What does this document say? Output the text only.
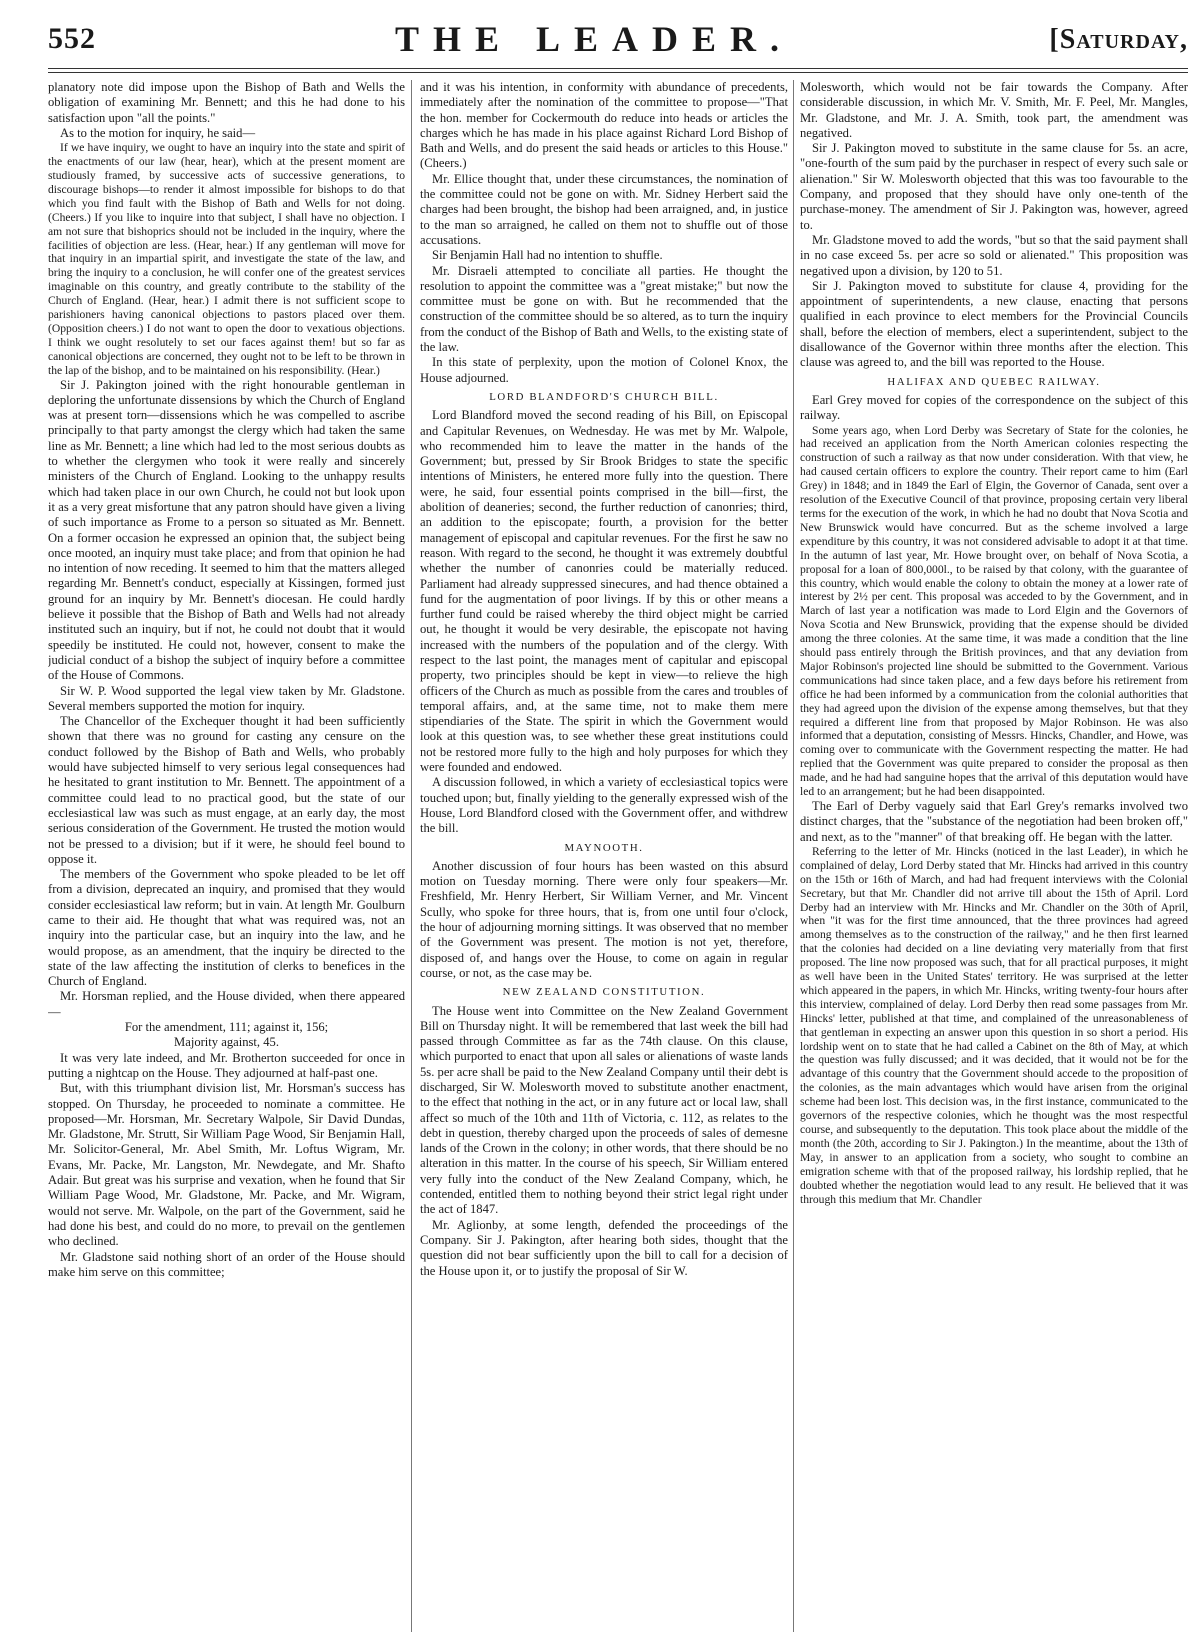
552	THE LEADER.	[Saturday,

planatory note did impose upon the Bishop of Bath and Wells the obligation of examining Mr. Bennett; and this he had done to his satisfaction upon "all the points."

As to the motion for inquiry, he said—

If we have inquiry, we ought to have an inquiry into the state and spirit of the enactments of our law (hear, hear), which at the present moment are studiously framed, by successive acts of successive generations, to discourage bishops—to render it almost impossible for bishops to do that which you find fault with the Bishop of Bath and Wells for not doing. (Cheers.) If you like to inquire into that subject, I shall have no objection. I am not sure that bishoprics should not be included in the inquiry, where the facilities of objection are less. (Hear, hear.) If any gentleman will move for that inquiry in an impartial spirit, and investigate the state of the law, and bring the inquiry to a conclusion, he will confer one of the greatest services imaginable on this country, and greatly contribute to the stability of the Church of England. (Hear, hear.) I admit there is not sufficient scope to parishioners having canonical objections to pastors placed over them. (Opposition cheers.) I do not want to open the door to vexatious objections. I think we ought resolutely to set our faces against them! but so far as canonical objections are concerned, they ought not to be left to be thrown in the lap of the bishop, and to be maintained on his responsibility. (Hear.)

Sir J. Pakington joined with the right honourable gentleman in deploring the unfortunate dissensions by which the Church of England was at present torn—dissensions which he was compelled to ascribe principally to that party amongst the clergy which had taken the same line as Mr. Bennett; a line which had led to the most serious doubts as to whether the clergymen who took it were really and sincerely ministers of the Church of England. Looking to the unhappy results which had taken place in our own Church, he could not but look upon it as a very great misfortune that any patron should have given a living of such importance as Frome to a person so situated as Mr. Bennett. On a former occasion he expressed an opinion that, the subject being once mooted, an inquiry must take place; and from that opinion he had no intention of now receding. It seemed to him that the matters alleged regarding Mr. Bennett's conduct, especially at Kissingen, formed just ground for an inquiry by Mr. Bennett's diocesan. He could hardly believe it possible that the Bishop of Bath and Wells had not already instituted such an inquiry, but if not, he could not doubt that it would speedily be instituted. He could not, however, consent to make the judicial conduct of a bishop the subject of inquiry before a committee of the House of Commons.

Sir W. P. Wood supported the legal view taken by Mr. Gladstone. Several members supported the motion for inquiry.

The Chancellor of the Exchequer thought it had been sufficiently shown that there was no ground for casting any censure on the conduct followed by the Bishop of Bath and Wells, who probably would have subjected himself to very serious legal consequences had he hesitated to grant institution to Mr. Bennett. The appointment of a committee could lead to no practical good, but the state of our ecclesiastical law was such as must engage, at an early day, the most serious consideration of the Government. He trusted the motion would not be pressed to a division; but if it were, he should feel bound to oppose it.

The members of the Government who spoke pleaded to be let off from a division, deprecated an inquiry, and promised that they would consider ecclesiastical law reform; but in vain. At length Mr. Goulburn came to their aid. He thought that what was required was, not an inquiry into the particular case, but an inquiry into the law, and he would propose, as an amendment, that the inquiry be directed to the state of the law affecting the institution of clerks to benefices in the Church of England.

Mr. Horsman replied, and the House divided, when there appeared—

For the amendment, 111; against it, 156;

Majority against, 45.

It was very late indeed, and Mr. Brotherton succeeded for once in putting a nightcap on the House. They adjourned at half-past one.

But, with this triumphant division list, Mr. Horsman's success has stopped. On Thursday, he proceeded to nominate a committee. He proposed—Mr. Horsman, Mr. Secretary Walpole, Sir David Dundas, Mr. Gladstone, Mr. Strutt, Sir William Page Wood, Sir Benjamin Hall, Mr. Solicitor-General, Mr. Abel Smith, Mr. Loftus Wigram, Mr. Evans, Mr. Packe, Mr. Langston, Mr. Newdegate, and Mr. Shafto Adair. But great was his surprise and vexation, when he found that Sir William Page Wood, Mr. Gladstone, Mr. Packe, and Mr. Wigram, would not serve. Mr. Walpole, on the part of the Government, said he had done his best, and could do no more, to prevail on the gentlemen who declined.

Mr. Gladstone said nothing short of an order of the House should make him serve on this committee;

and it was his intention, in conformity with abundance of precedents, immediately after the nomination of the committee to propose—"That the hon. member for Cockermouth do reduce into heads or articles the charges which he has made in his place against Richard Lord Bishop of Bath and Wells, and do present the said heads or articles to this House." (Cheers.)

Mr. Ellice thought that, under these circumstances, the nomination of the committee could not be gone on with. Mr. Sidney Herbert said the charges had been brought, the bishop had been arraigned, and, in justice to the man so arraigned, he called on them not to shuffle out of those accusations.

Sir Benjamin Hall had no intention to shuffle.

Mr. Disraeli attempted to conciliate all parties. He thought the resolution to appoint the committee was a "great mistake;" but now the committee must be gone on with. But he recommended that the construction of the committee should be so altered, as to turn the inquiry from the conduct of the Bishop of Bath and Wells, to the existing state of the law.

In this state of perplexity, upon the motion of Colonel Knox, the House adjourned.

LORD BLANDFORD'S CHURCH BILL.

Lord Blandford moved the second reading of his Bill, on Episcopal and Capitular Revenues, on Wednesday. He was met by Mr. Walpole, who recommended him to leave the matter in the hands of the Government; but, pressed by Sir Brook Bridges to state the specific intentions of Ministers, he entered more fully into the question. There were, he said, four essential points comprised in the bill—first, the abolition of deaneries; second, the further reduction of canonries; third, an addition to the episcopate; fourth, a provision for the better management of episcopal and capitular revenues. For the first he saw no reason. With regard to the second, he thought it was extremely doubtful whether the number of canonries could be materially reduced. Parliament had already suppressed sinecures, and had thence obtained a fund for the augmentation of poor livings. If by this or other means a further fund could be raised whereby the third object might be carried out, he thought it would be very desirable, the episcopate not having increased with the numbers of the population and of the clergy. With respect to the last point, the manages ment of capitular and episcopal property, two principles should be kept in view—to relieve the high officers of the Church as much as possible from the cares and troubles of temporal affairs, and, at the same time, not to make them mere stipendiaries of the State. The spirit in which the Government would look at this question was, to see whether these great institutions could not be restored more fully to the high and holy purposes for which they were founded and endowed.

A discussion followed, in which a variety of ecclesiastical topics were touched upon; but, finally yielding to the generally expressed wish of the House, Lord Blandford closed with the Government offer, and withdrew the bill.

MAYNOOTH.

Another discussion of four hours has been wasted on this absurd motion on Tuesday morning. There were only four speakers—Mr. Freshfield, Mr. Henry Herbert, Sir William Verner, and Mr. Vincent Scully, who spoke for three hours, that is, from one until four o'clock, the hour of adjourning morning sittings. It was observed that no member of the Government was present. The motion is not yet, therefore, disposed of, and hangs over the House, to come on again in regular course, or not, as the case may be.

NEW ZEALAND CONSTITUTION.

The House went into Committee on the New Zealand Government Bill on Thursday night. It will be remembered that last week the bill had passed through Committee as far as the 74th clause. On this clause, which purported to enact that upon all sales or alienations of waste lands 5s. per acre shall be paid to the New Zealand Company until their debt is discharged, Sir W. Molesworth moved to substitute another enactment, to the effect that nothing in the act, or in any future act or local law, shall affect so much of the 10th and 11th of Victoria, c. 112, as relates to the debt in question, thereby charged upon the proceeds of sales of demesne lands of the Crown in the colony; in other words, that there should be no alteration in this matter. In the course of his speech, Sir William entered very fully into the conduct of the New Zealand Company, which, he contended, entitled them to nothing beyond their strict legal right under the act of 1847.

Mr. Aglionby, at some length, defended the proceedings of the Company. Sir J. Pakington, after hearing both sides, thought that the question did not bear sufficiently upon the bill to call for a decision of the House upon it, or to justify the proposal of Sir W.

Molesworth, which would not be fair towards the Company. After considerable discussion, in which Mr. V. Smith, Mr. F. Peel, Mr. Mangles, Mr. Gladstone, and Mr. J. A. Smith, took part, the amendment was negatived.

Sir J. Pakington moved to substitute in the same clause for 5s. an acre, "one-fourth of the sum paid by the purchaser in respect of every such sale or alienation." Sir W. Molesworth objected that this was too favourable to the Company, and proposed that they should have only one-tenth of the purchase-money. The amendment of Sir J. Pakington was, however, agreed to.

Mr. Gladstone moved to add the words, "but so that the said payment shall in no case exceed 5s. per acre so sold or alienated." This proposition was negatived upon a division, by 120 to 51.

Sir J. Pakington moved to substitute for clause 4, providing for the appointment of superintendents, a new clause, enacting that persons qualified in each province to elect members for the Provincial Councils shall, before the election of members, elect a superintendent, subject to the disallowance of the Governor within three months after the election. This clause was agreed to, and the bill was reported to the House.

HALIFAX AND QUEBEC RAILWAY.

Earl Grey moved for copies of the correspondence on the subject of this railway.

Some years ago, when Lord Derby was Secretary of State for the colonies, he had received an application from the North American colonies respecting the construction of such a railway as that now under consideration. With that view, he had caused certain officers to explore the country. Their report came to him (Earl Grey) in 1848; and in 1849 the Earl of Elgin, the Governor of Canada, sent over a resolution of the Executive Council of that province, proposing certain very liberal terms for the execution of the work, in which he had no doubt that Nova Scotia and New Brunswick would have concurred. But as the scheme involved a large expenditure by this country, it was not considered advisable to adopt it at that time. In the autumn of last year, Mr. Howe brought over, on behalf of Nova Scotia, a proposal for a loan of 800,000l., to be raised by that colony, with the guarantee of this country, which would enable the colony to obtain the money at a lower rate of interest by 2½ per cent. This proposal was acceded to by the Government, and in March of last year a notification was made to Lord Elgin and the Governors of Nova Scotia and New Brunswick, providing that the expense should be divided among the three colonies. At the same time, it was made a condition that the line should pass entirely through the British provinces, and that any deviation from Major Robinson's projected line should be submitted to the Government. Various communications had since taken place, and a few days before his retirement from office he had been informed by a communication from the colonial authorities that they had agreed upon the division of the expense among themselves, but that they required a different line from that proposed by Major Robinson. He was also informed that a deputation, consisting of Messrs. Hincks, Chandler, and Howe, was coming over to communicate with the Government respecting the matter. He had replied that the Government was quite prepared to consider the proposal as then made, and he had had sanguine hopes that the arrival of this deputation would have led to an arrangement; but he had been disappointed.

The Earl of Derby vaguely said that Earl Grey's remarks involved two distinct charges, that the "substance of the negotiation had been broken off," and next, as to the "manner" of that breaking off. He began with the latter.

Referring to the letter of Mr. Hincks (noticed in the last Leader), in which he complained of delay, Lord Derby stated that Mr. Hincks had arrived in this country on the 15th or 16th of March, and had had frequent interviews with the Colonial Secretary, but that Mr. Chandler did not arrive till about the 15th of April. Lord Derby had an interview with Mr. Hincks and Mr. Chandler on the 30th of April, when "it was for the first time announced, that the three provinces had agreed among themselves as to the construction of the railway," and he then first learned that the colonies had decided on a line deviating very materially from that first proposed. The line now proposed was such, that for all practical purposes, it might as well have been in the United States' territory. He was surprised at the letter which appeared in the papers, in which Mr. Hincks, writing twenty-four hours after this interview, complained of delay. Lord Derby then read some passages from Mr. Hincks' letter, published at that time, and complained of the unreasonableness of that gentleman in expecting an answer upon this question in so short a period. His lordship went on to state that he had called a Cabinet on the 8th of May, at which the question was fully discussed; and it was decided, that it would not be for the advantage of this country that the Government should accede to the proposition of the colonies, as the main advantages which would have arisen from the original scheme had been lost. This decision was, in the first instance, communicated to the governors of the respective colonies, which he thought was the most respectful course, and subsequently to the deputation. This took place about the middle of the month (the 20th, according to Sir J. Pakington.) In the meantime, about the 13th of May, in answer to an application from a society, who sought to combine an emigration scheme with that of the proposed railway, his lordship replied, that he doubted whether the negotiation would lead to any result. He believed that it was through this medium that Mr. Chandler
